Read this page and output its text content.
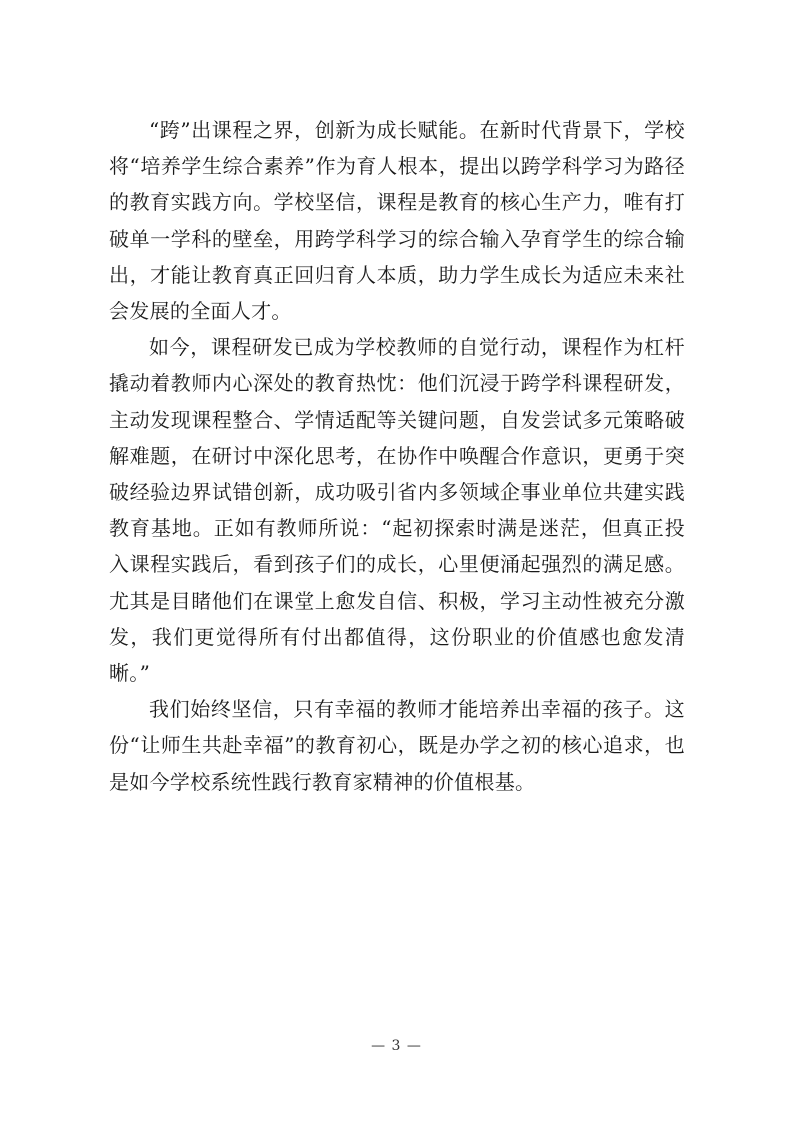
“跨”出课程之界，创新为成长赋能。在新时代背景下，学校将“培养学生综合素养”作为育人根本，提出以跨学科学习为路径的教育实践方向。学校坚信，课程是教育的核心生产力，唯有打破单一学科的壁垒，用跨学科学习的综合输入孕育学生的综合输出，才能让教育真正回归育人本质，助力学生成长为适应未来社会发展的全面人才。

如今，课程研发已成为学校教师的自觉行动，课程作为杠杆撬动着教师内心深处的教育热忱：他们沉浸于跨学科课程研发，主动发现课程整合、学情适配等关键问题，自发尝试多元策略破解难题，在研讨中深化思考，在协作中唤醒合作意识，更勇于突破经验边界试错创新，成功吸引省内多领域企事业单位共建实践教育基地。正如有教师所说：“起初探索时满是迷茫，但真正投入课程实践后，看到孩子们的成长，心里便涌起强烈的满足感。尤其是目睹他们在课堂上愈发自信、积极，学习主动性被充分激发，我们更觉得所有付出都值得，这份职业的价值感也愈发清晰。”

我们始终坚信，只有幸福的教师才能培养出幸福的孩子。这份“让师生共赴幸福”的教育初心，既是办学之初的核心追求，也是如今学校系统性践行教育家精神的价值根基。

— 3 —
